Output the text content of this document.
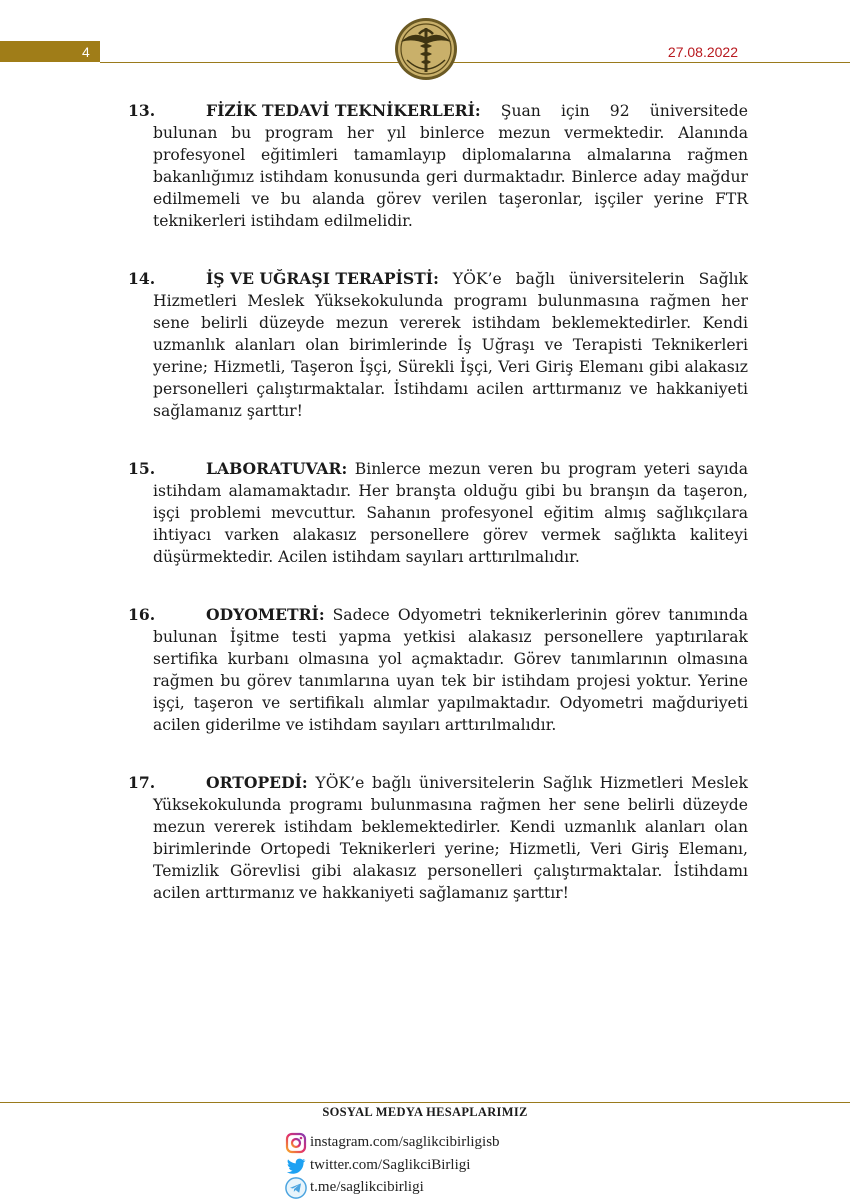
4	27.08.2022
13.	FİZİK TEDAVİ TEKNİKERLERİ: Şuan için 92 üniversitede bulunan bu program her yıl binlerce mezun vermektedir. Alanında profesyonel eğitimleri tamamlayıp diplomalarına almalarına rağmen bakanlığımız istihdam konusunda geri durmaktadır. Binlerce aday mağdur edilmemeli ve bu alanda görev verilen taşeronlar, işçiler yerine FTR teknikerleri istihdam edilmelidir.
14.	İŞ VE UĞRAŞI TERAPİSTİ: YÖK’e bağlı üniversitelerin Sağlık Hizmetleri Meslek Yüksekokulunda programı bulunmasına rağmen her sene belirli düzeyde mezun vererek istihdam beklemektedirler. Kendi uzmanlık alanları olan birimlerinde İş Uğraşı ve Terapisti Teknikerleri yerine; Hizmetli, Taşeron İşçi, Sürekli İşçi, Veri Giriş Elemanı gibi alakasız personelleri çalıştırmaktalar. İstihdamı acilen arttırmanız ve hakkaniyeti sağlamanız şarttır!
15.	LABORATUVAR: Binlerce mezun veren bu program yeteri sayıda istihdam alamamaktadır. Her branşta olduğu gibi bu branşın da taşeron, işçi problemi mevcuttur. Sahanın profesyonel eğitim almış sağlıkçılara ihtiyacı varken alakasız personellere görev vermek sağlıkta kaliteyi düşürmektedir. Acilen istihdam sayıları arttırılmalıdır.
16.	ODYOMETRİ: Sadece Odyometri teknikerlerinin görev tanımında bulunan İşitme testi yapma yetkisi alakasız personellere yaptırılarak sertifika kurbanı olmasına yol açmaktadır. Görev tanımlarının olmasına rağmen bu görev tanımlarına uyan tek bir istihdam projesi yoktur. Yerine işçi, taşeron ve sertifikalı alımlar yapılmaktadır. Odyometri mağduriyeti acilen giderilme ve istihdam sayıları arttırılmalıdır.
17.	ORTOPEDİ: YÖK’e bağlı üniversitelerin Sağlık Hizmetleri Meslek Yüksekokulunda programı bulunmasına rağmen her sene belirli düzeyde mezun vererek istihdam beklemektedirler. Kendi uzmanlık alanları olan birimlerinde Ortopedi Teknikerleri yerine; Hizmetli, Veri Giriş Elemanı, Temizlik Görevlisi gibi alakasız personelleri çalıştırmaktalar. İstihdamı acilen arttırmanız ve hakkaniyeti sağlamanız şarttır!
SOSYAL MEDYA HESAPLARIMIZ
instagram.com/saglikcibirligisb
twitter.com/SaglikciBirligi
t.me/saglikcibirligi
